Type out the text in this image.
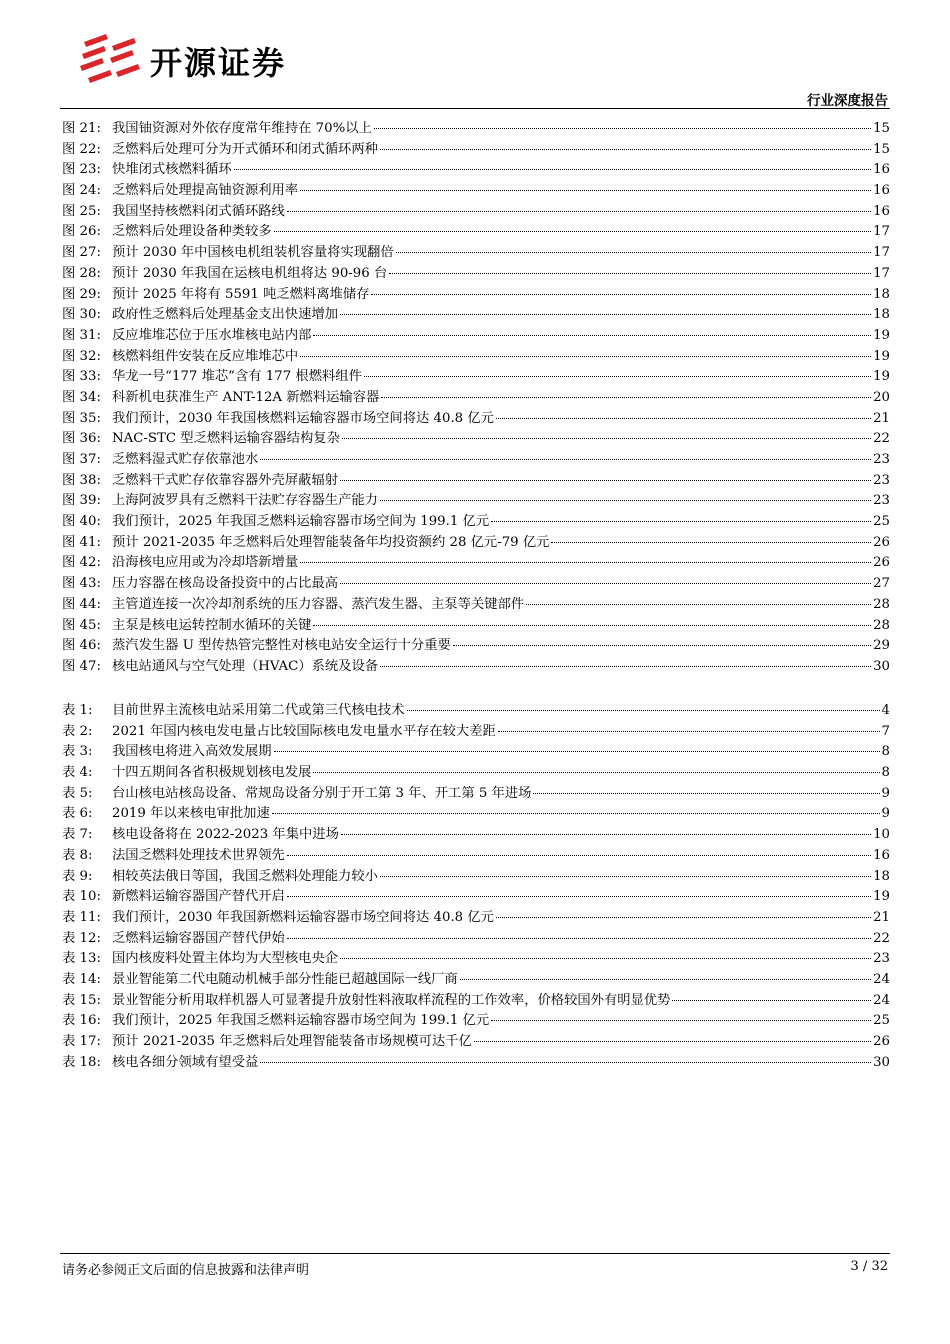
开源证券
行业深度报告
图 21: 我国铀资源对外依存度常年维持在 70%以上	15
图 22: 乏燃料后处理可分为开式循环和闭式循环两种	15
图 23: 快堆闭式核燃料循环	16
图 24: 乏燃料后处理提高铀资源利用率	16
图 25: 我国坚持核燃料闭式循环路线	16
图 26: 乏燃料后处理设备种类较多	17
图 27: 预计 2030 年中国核电机组装机容量将实现翻倍	17
图 28: 预计 2030 年我国在运核电机组将达 90-96 台	17
图 29: 预计 2025 年将有 5591 吨乏燃料离堆储存	18
图 30: 政府性乏燃料后处理基金支出快速增加	18
图 31: 反应堆堆芯位于压水堆核电站内部	19
图 32: 核燃料组件安装在反应堆堆芯中	19
图 33: 华龙一号“177 堆芯”含有 177 根燃料组件	19
图 34: 科新机电获准生产 ANT-12A 新燃料运输容器	20
图 35: 我们预计，2030 年我国核燃料运输容器市场空间将达 40.8 亿元	21
图 36: NAC-STC 型乏燃料运输容器结构复杂	22
图 37: 乏燃料湿式贮存依靠池水	23
图 38: 乏燃料干式贮存依靠容器外壳屏蔽辐射	23
图 39: 上海阿波罗具有乏燃料干法贮存容器生产能力	23
图 40: 我们预计，2025 年我国乏燃料运输容器市场空间为 199.1 亿元	25
图 41: 预计 2021-2035 年乏燃料后处理智能装备年均投资额约 28 亿元-79 亿元	26
图 42: 沿海核电应用或为冷却塔新增量	26
图 43: 压力容器在核岛设备投资中的占比最高	27
图 44: 主管道连接一次冷却剂系统的压力容器、蒸汽发生器、主泵等关键部件	28
图 45: 主泵是核电运转控制水循环的关键	28
图 46: 蒸汽发生器 U 型传热管完整性对核电站安全运行十分重要	29
图 47: 核电站通风与空气处理（HVAC）系统及设备	30
表 1:	目前世界主流核电站采用第二代或第三代核电技术	4
表 2:	2021 年国内核电发电量占比较国际核电发电量水平存在较大差距	7
表 3:	我国核电将进入高效发展期	8
表 4:	十四五期间各省积极规划核电发展	8
表 5:	台山核电站核岛设备、常规岛设备分别于开工第 3 年、开工第 5 年进场	9
表 6:	2019 年以来核电审批加速	9
表 7:	核电设备将在 2022-2023 年集中进场	10
表 8:	法国乏燃料处理技术世界领先	16
表 9:	相较英法俄日等国，我国乏燃料处理能力较小	18
表 10: 新燃料运输容器国产替代开启	19
表 11: 我们预计，2030 年我国新燃料运输容器市场空间将达 40.8 亿元	21
表 12: 乏燃料运输容器国产替代伊始	22
表 13: 国内核废料处置主体均为大型核电央企	23
表 14: 景业智能第二代电随动机械手部分性能已超越国际一线厂商	24
表 15: 景业智能分析用取样机器人可显著提升放射性料液取样流程的工作效率，价格较国外有明显优势	24
表 16: 我们预计，2025 年我国乏燃料运输容器市场空间为 199.1 亿元	25
表 17: 预计 2021-2035 年乏燃料后处理智能装备市场规模可达千亿	26
表 18: 核电各细分领域有望受益	30
请务必参阅正文后面的信息披露和法律声明	3 / 32
